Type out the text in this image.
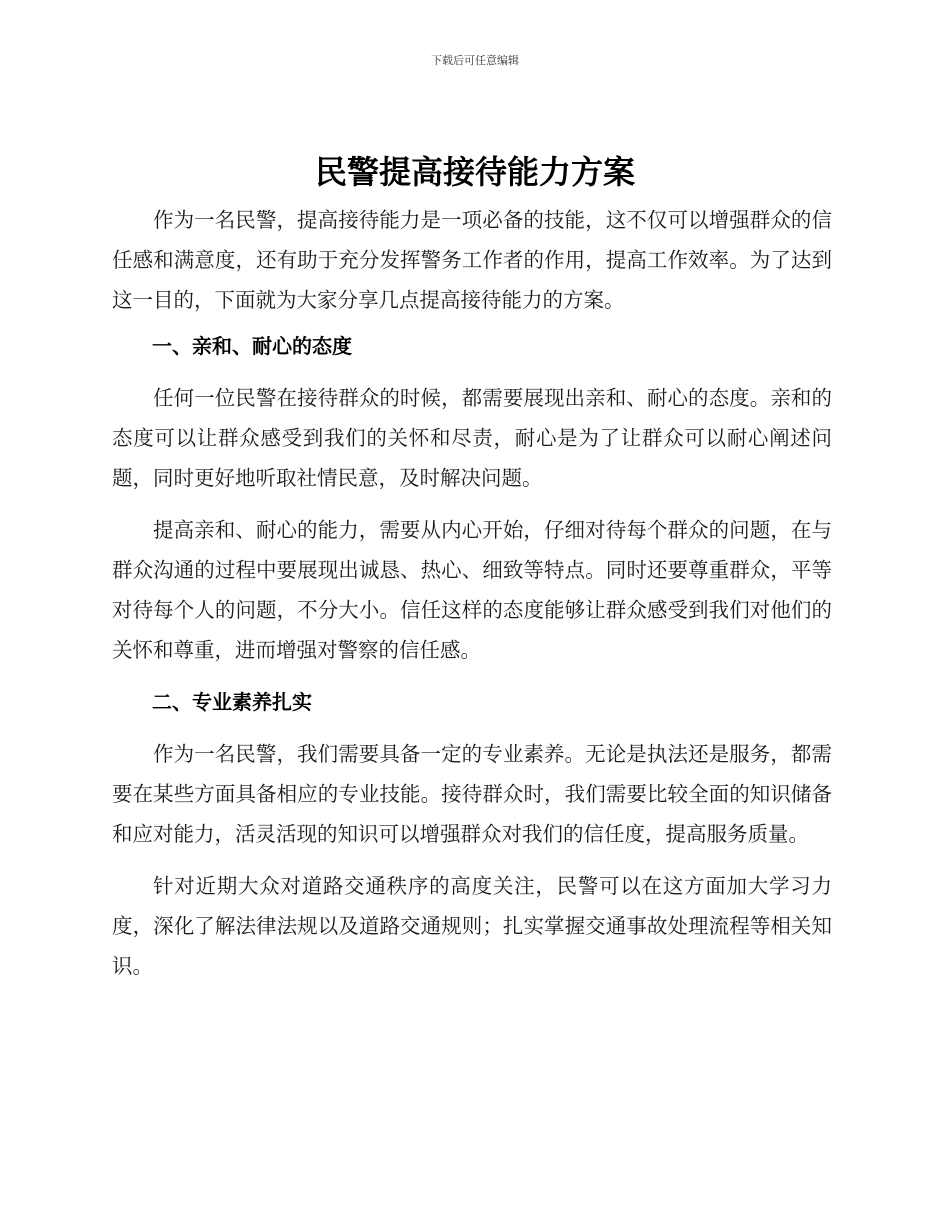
下载后可任意编辑
民警提高接待能力方案

作为一名民警，提高接待能力是一项必备的技能，这不仅可以增强群众的信任感和满意度，还有助于充分发挥警务工作者的作用，提高工作效率。为了达到这一目的，下面就为大家分享几点提高接待能力的方案。

一、亲和、耐心的态度

任何一位民警在接待群众的时候，都需要展现出亲和、耐心的态度。亲和的态度可以让群众感受到我们的关怀和尽责，耐心是为了让群众可以耐心阐述问题，同时更好地听取社情民意，及时解决问题。

提高亲和、耐心的能力，需要从内心开始，仔细对待每个群众的问题，在与群众沟通的过程中要展现出诚恳、热心、细致等特点。同时还要尊重群众，平等对待每个人的问题，不分大小。信任这样的态度能够让群众感受到我们对他们的关怀和尊重，进而增强对警察的信任感。

二、专业素养扎实

作为一名民警，我们需要具备一定的专业素养。无论是执法还是服务，都需要在某些方面具备相应的专业技能。接待群众时，我们需要比较全面的知识储备和应对能力，活灵活现的知识可以增强群众对我们的信任度，提高服务质量。

针对近期大众对道路交通秩序的高度关注，民警可以在这方面加大学习力度，深化了解法律法规以及道路交通规则；扎实掌握交通事故处理流程等相关知识。
